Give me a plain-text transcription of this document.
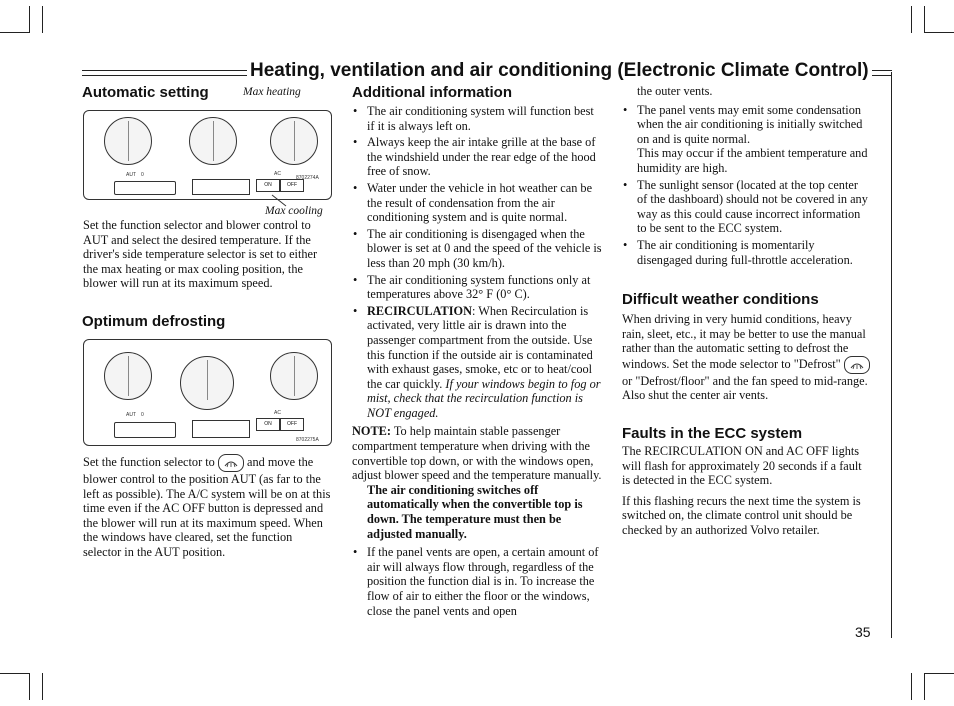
Heating, ventilation and air conditioning (Electronic Climate Control)
Automatic setting	Max heating
AUT 0	AC
ON	OFF
8702274A
Max cooling

Set the function selector and blower control to AUT and select the desired temperature. If the driver's side temperature selector is set to either the max heating or max cooling position, the blower will run at its maximum speed.

Optimum defrosting
AUT 0	AC
ON	OFF
8702275A

Set the function selector to	and move the blower control to the position AUT (as far to the left as possible). The A/C system will be on at this time even if the AC OFF button is depressed and the blower will run at its maximum speed. When the windows have cleared, set the function selector in the AUT position.

Additional information
• The air conditioning system will function best if it is always left on.
• Always keep the air intake grille at the base of the windshield under the rear edge of the hood free of snow.
• Water under the vehicle in hot weather can be the result of condensation from the air conditioning system and is quite normal.
• The air conditioning is disengaged when the blower is set at 0 and the speed of the vehicle is less than 20 mph (30 km/h).
• The air conditioning system functions only at temperatures above 32° F (0° C).
• RECIRCULATION: When Recirculation is activated, very little air is drawn into the passenger compartment from the outside. Use this function if the outside air is contaminated with exhaust gases, smoke, etc or to heat/cool the car quickly. If your windows begin to fog or mist, check that the recirculation function is NOT engaged.
NOTE: To help maintain stable passenger compartment temperature when driving with the convertible top down, or with the windows open, adjust blower speed and the temperature manually.
The air conditioning switches off automatically when the convertible top is down. The temperature must then be adjusted manually.
• If the panel vents are open, a certain amount of air will always flow through, regardless of the position the function dial is in. To increase the flow of air to either the floor or the windows, close the panel vents and open
the outer vents.
• The panel vents may emit some condensation when the air conditioning is initially switched on and is quite normal.
This may occur if the ambient temperature and humidity are high.
• The sunlight sensor (located at the top center of the dashboard) should not be covered in any way as this could cause incorrect information to be sent to the ECC system.
• The air conditioning is momentarily disengaged during full-throttle acceleration.
Difficult weather conditions

When driving in very humid conditions, heavy rain, sleet, etc., it may be better to use the manual rather than the automatic setting to defrost the windows. Set the mode selector to "Defrost"
or "Defrost/floor" and the fan speed to mid-range. Also shut the center air vents.

Faults in the ECC system

The RECIRCULATION ON and AC OFF lights will flash for approximately 20 seconds if a fault is detected in the ECC system.

If this flashing recurs the next time the system is switched on, the climate control unit should be checked by an authorized Volvo retailer.

35
